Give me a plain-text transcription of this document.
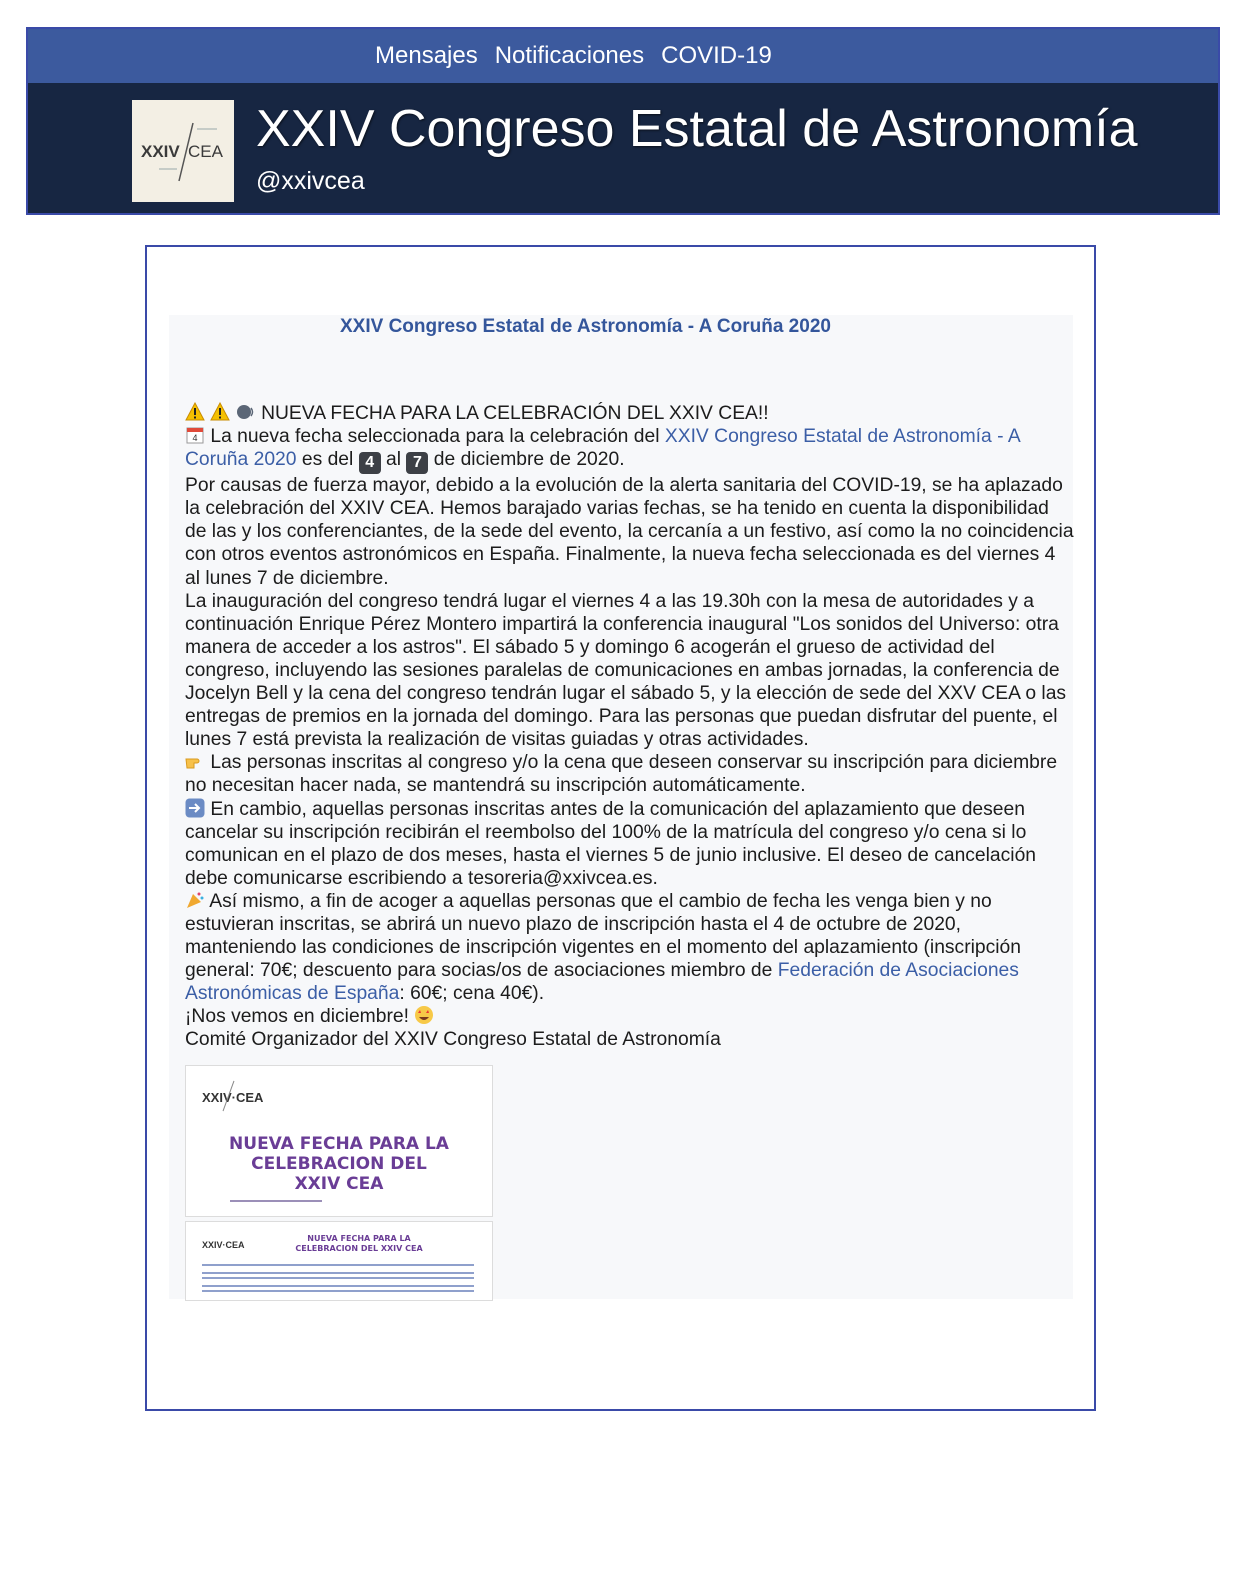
Mensajes Notificaciones COVID-19
XXIV CEA XXIV Congreso Estatal de Astronomía
@xxivcea
XXIV Congreso Estatal de Astronomía - A Coruña 2020

NUEVA FECHA PARA LA CELEBRACIÓN DEL XXIV CEA!!

4 La nueva fecha seleccionada para la celebración del XXIV Congreso Estatal de Astronomía - A Coruña 2020 es del 4 al 7 de diciembre de 2020.

Por causas de fuerza mayor, debido a la evolución de la alerta sanitaria del COVID-19, se ha aplazado la celebración del XXIV CEA. Hemos barajado varias fechas, se ha tenido en cuenta la disponibilidad de las y los conferenciantes, de la sede del evento, la cercanía a un festivo, así como la no coincidencia con otros eventos astronómicos en España. Finalmente, la nueva fecha seleccionada es del viernes 4 al lunes 7 de diciembre.

La inauguración del congreso tendrá lugar el viernes 4 a las 19.30h con la mesa de autoridades y a continuación Enrique Pérez Montero impartirá la conferencia inaugural "Los sonidos del Universo: otra manera de acceder a los astros". El sábado 5 y domingo 6 acogerán el grueso de actividad del congreso, incluyendo las sesiones paralelas de comunicaciones en ambas jornadas, la conferencia de Jocelyn Bell y la cena del congreso tendrán lugar el sábado 5, y la elección de sede del XXV CEA o las entregas de premios en la jornada del domingo. Para las personas que puedan disfrutar del puente, el lunes 7 está prevista la realización de visitas guiadas y otras actividades.

Las personas inscritas al congreso y/o la cena que deseen conservar su inscripción para diciembre no necesitan hacer nada, se mantendrá su inscripción automáticamente.

En cambio, aquellas personas inscritas antes de la comunicación del aplazamiento que deseen cancelar su inscripción recibirán el reembolso del 100% de la matrícula del congreso y/o cena si lo comunican en el plazo de dos meses, hasta el viernes 5 de junio inclusive. El deseo de cancelación debe comunicarse escribiendo a tesoreria@xxivcea.es.

Así mismo, a fin de acoger a aquellas personas que el cambio de fecha les venga bien y no estuvieran inscritas, se abrirá un nuevo plazo de inscripción hasta el 4 de octubre de 2020, manteniendo las condiciones de inscripción vigentes en el momento del aplazamiento (inscripción general: 70€; descuento para socias/os de asociaciones miembro de Federación de Asociaciones Astronómicas de España: 60€; cena 40€).

¡Nos vemos en diciembre!

Comité Organizador del XXIV Congreso Estatal de Astronomía

XXIV·CEA
NUEVA FECHA PARA LA
CELEBRACION DEL
XXIV CEA
XXIV·CEA
NUEVA FECHA PARA LA
CELEBRACION DEL XXIV CEA
